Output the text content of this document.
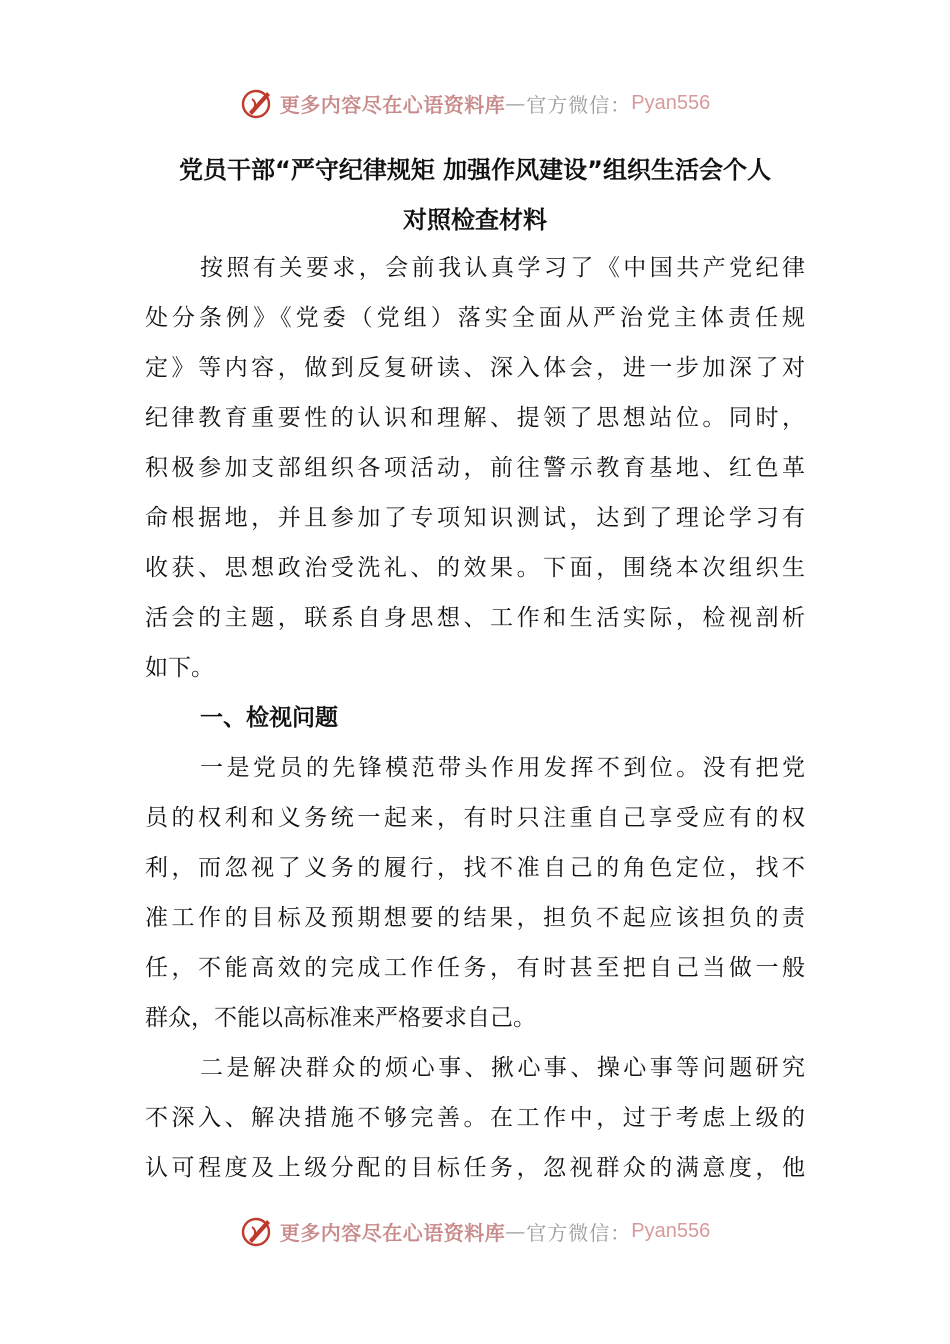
更多内容尽在心语资料库 — 官方微信： Pyan556
党员干部“严守纪律规矩 加强作风建设”组织生活会个人
对照检查材料
按照有关要求，会前我认真学习了《中国共产党纪律
处分条例》《党委（党组）落实全面从严治党主体责任规
定》等内容，做到反复研读、深入体会，进一步加深了对
纪律教育重要性的认识和理解、提领了思想站位。同时，
积极参加支部组织各项活动，前往警示教育基地、红色革
命根据地，并且参加了专项知识测试，达到了理论学习有
收获、思想政治受洗礼、的效果。下面，围绕本次组织生
活会的主题，联系自身思想、工作和生活实际，检视剖析
如下。
一、检视问题
一是党员的先锋模范带头作用发挥不到位。没有把党
员的权利和义务统一起来，有时只注重自己享受应有的权
利，而忽视了义务的履行，找不准自己的角色定位，找不
准工作的目标及预期想要的结果，担负不起应该担负的责
任，不能高效的完成工作任务，有时甚至把自己当做一般
群众，不能以高标准来严格要求自己。
二是解决群众的烦心事、揪心事、操心事等问题研究
不深入、解决措施不够完善。在工作中，过于考虑上级的
认可程度及上级分配的目标任务，忽视群众的满意度，他
更多内容尽在心语资料库 — 官方微信： Pyan556
